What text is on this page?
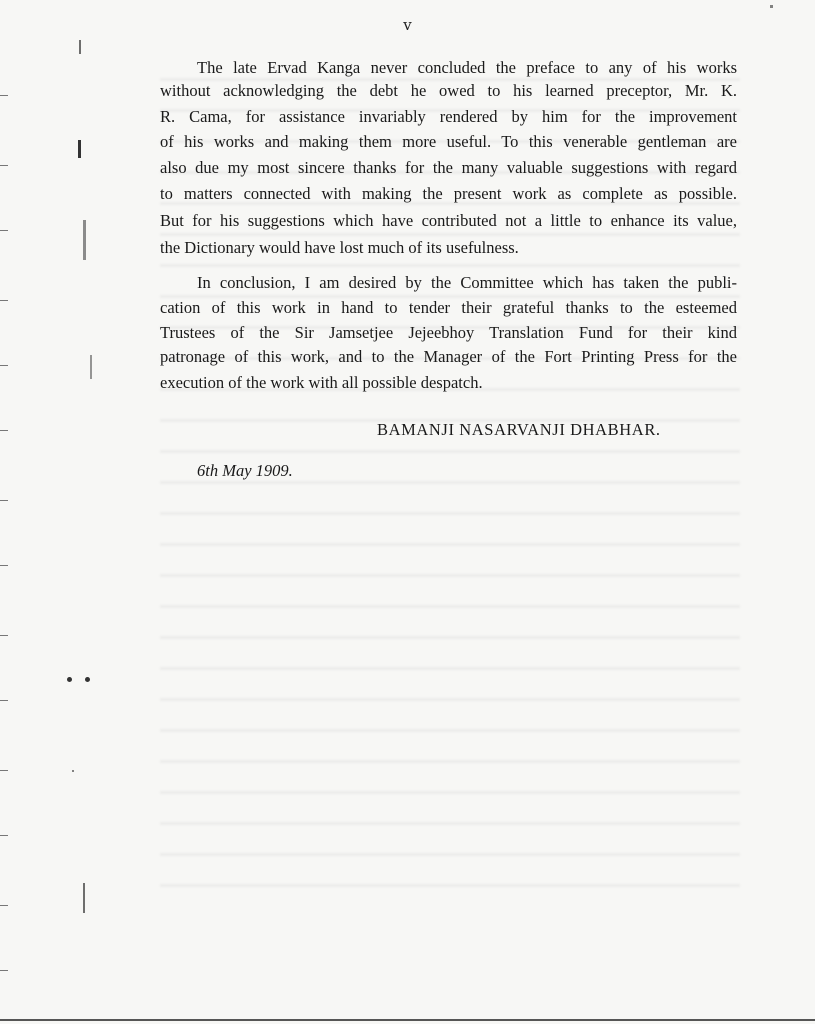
v
The late Ervad Kanga never concluded the preface to any of his works
without acknowledging the debt he owed to his learned preceptor, Mr. K.
R. Cama, for assistance invariably rendered by him for the improvement
of his works and making them more useful. To this venerable gentleman are
also due my most sincere thanks for the many valuable suggestions with regard
to matters connected with making the present work as complete as possible.
But for his suggestions which have contributed not a little to enhance its value,
the Dictionary would have lost much of its usefulness.
In conclusion, I am desired by the Committee which has taken the publi-
cation of this work in hand to tender their grateful thanks to the esteemed
Trustees of the Sir Jamsetjee Jejeebhoy Translation Fund for their kind
patronage of this work, and to the Manager of the Fort Printing Press for the
execution of the work with all possible despatch.
BAMANJI NASARVANJI DHABHAR.
6th May 1909.
